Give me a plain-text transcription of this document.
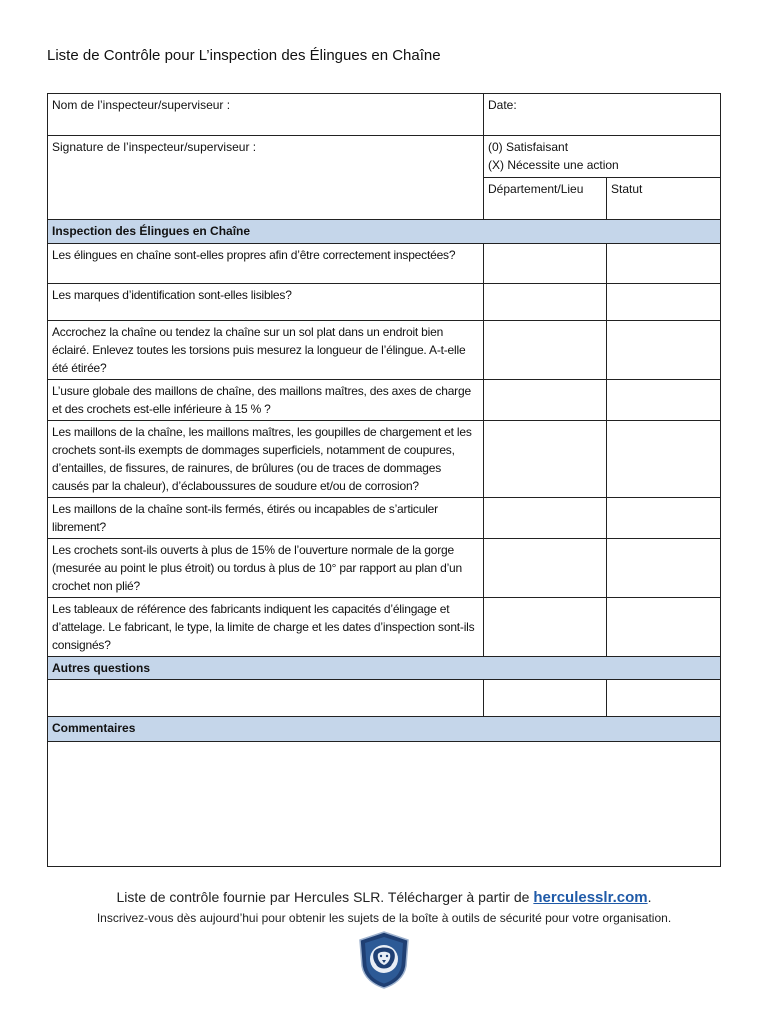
Liste de Contrôle pour L’inspection des Élingues en Chaîne
Nom de l’inspecteur/superviseur :	Date:	
Signature de l’inspecteur/superviseur :	(0) Satisfaisant
(X) Nécessite une action	

	Département/Lieu	Statut
Inspection des Élingues en Chaîne		
Les élingues en chaîne sont-elles propres afin d’être correctement inspectées?		
Les marques d’identification sont-elles lisibles?		
Accrochez la chaîne ou tendez la chaîne sur un sol plat dans un endroit bien éclairé. Enlevez toutes les torsions puis mesurez la longueur de l’élingue. A-t-elle été étirée?		
L’usure globale des maillons de chaîne, des maillons maîtres, des axes de charge et des crochets est-elle inférieure à 15 % ?		
Les maillons de la chaîne, les maillons maîtres, les goupilles de chargement et les crochets sont-ils exempts de dommages superficiels, notamment de coupures, d’entailles, de fissures, de rainures, de brûlures (ou de traces de dommages causés par la chaleur), d’éclaboussures de soudure et/ou de corrosion?		
Les maillons de la chaîne sont-ils fermés, étirés ou incapables de s’articuler librement?		
Les crochets sont-ils ouverts à plus de 15% de l’ouverture normale de la gorge (mesurée au point le plus étroit) ou tordus à plus de 10° par rapport au plan d’un crochet non plié?		
Les tableaux de référence des fabricants indiquent les capacités d’élingage et d’attelage. Le fabricant, le type, la limite de charge et les dates d’inspection sont-ils consignés?		
Autres questions		

Commentaires		

Liste de contrôle fournie par Hercules SLR. Télécharger à partir de herculesslr.com.
Inscrivez-vous dès aujourd’hui pour obtenir les sujets de la boîte à outils de sécurité pour votre organisation.
